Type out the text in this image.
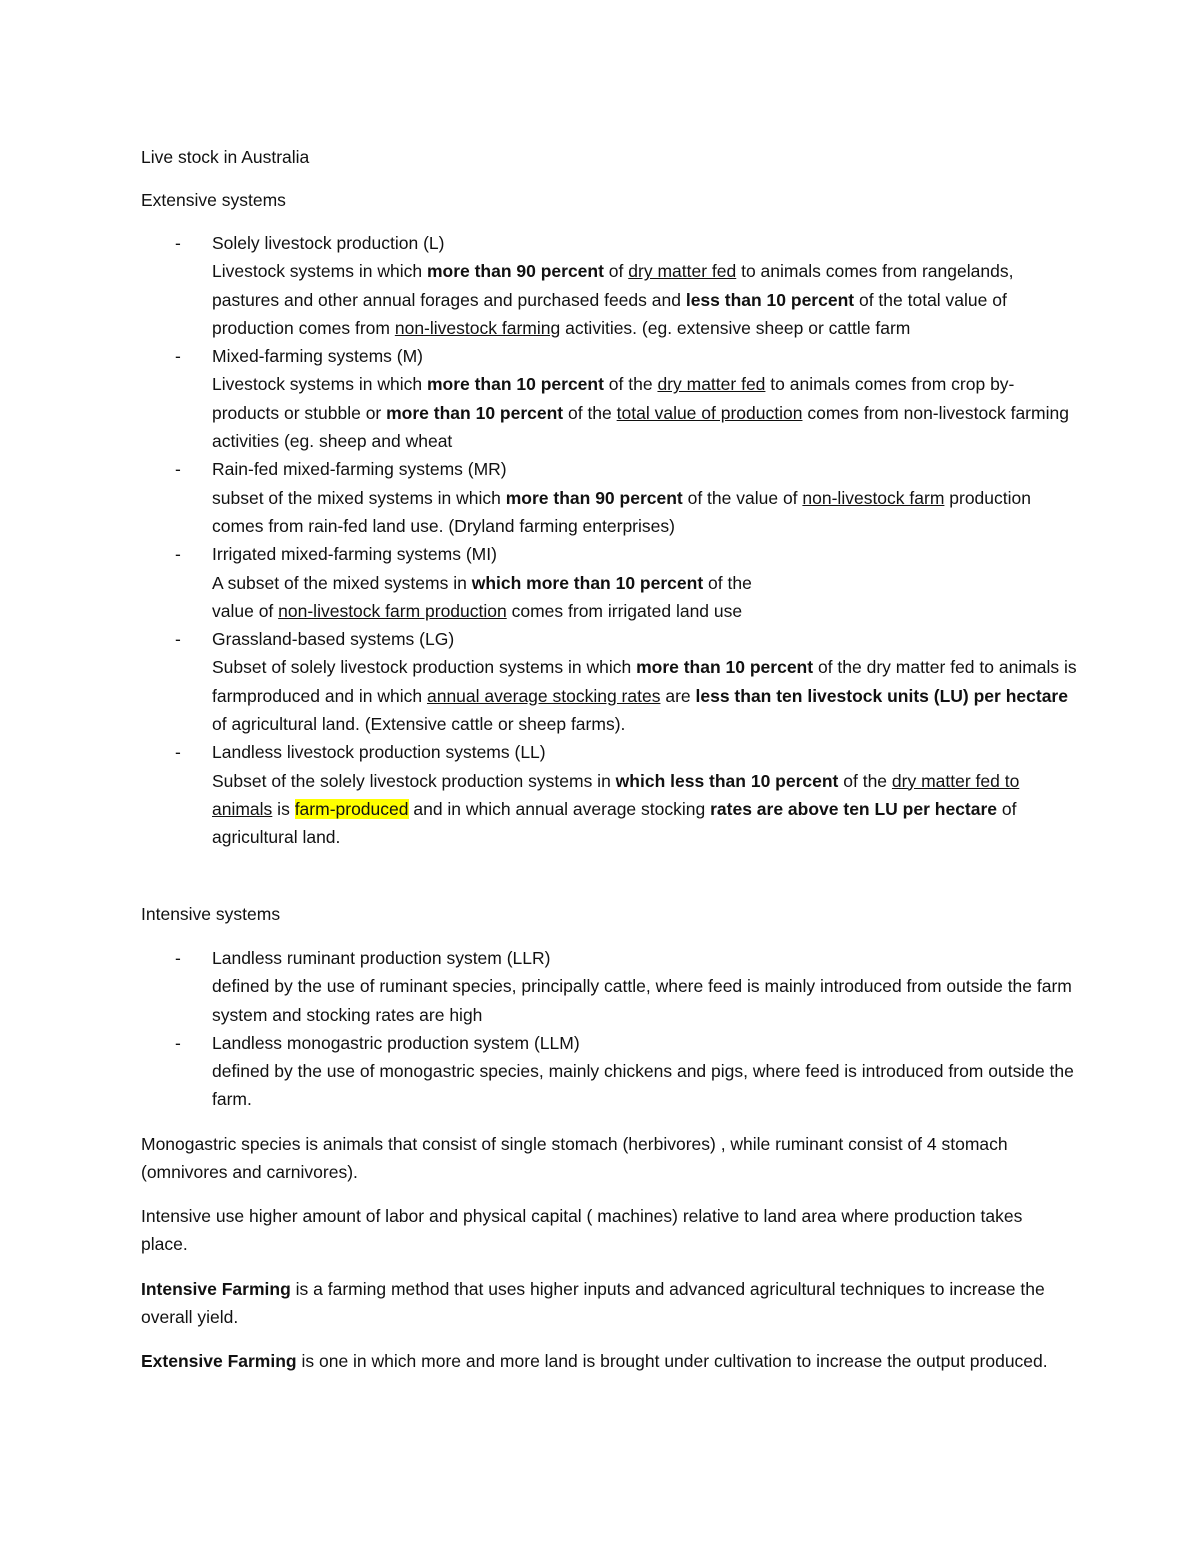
Live stock in Australia
Extensive systems
- Solely livestock production (L)
Livestock systems in which more than 90 percent of dry matter fed to animals comes from rangelands, pastures and other annual forages and purchased feeds and less than 10 percent of the total value of production comes from non-livestock farming activities. (eg. extensive sheep or cattle farm
- Mixed-farming systems (M)
Livestock systems in which more than 10 percent of the dry matter fed to animals comes from crop by-products or stubble or more than 10 percent of the total value of production comes from non-livestock farming activities (eg. sheep and wheat
- Rain-fed mixed-farming systems (MR)
subset of the mixed systems in which more than 90 percent of the value of non-livestock farm production comes from rain-fed land use. (Dryland farming enterprises)
- Irrigated mixed-farming systems (MI)
A subset of the mixed systems in which more than 10 percent of the
value of non-livestock farm production comes from irrigated land use
- Grassland-based systems (LG)
Subset of solely livestock production systems in which more than 10 percent of the dry matter fed to animals is farmproduced and in which annual average stocking rates are less than ten livestock units (LU) per hectare of agricultural land. (Extensive cattle or sheep farms).
- Landless livestock production systems (LL)
Subset of the solely livestock production systems in which less than 10 percent of the dry matter fed to animals is farm-produced and in which annual average stocking rates are above ten LU per hectare of agricultural land.
Intensive systems
- Landless ruminant production system (LLR)
defined by the use of ruminant species, principally cattle, where feed is mainly introduced from outside the farm system and stocking rates are high
- Landless monogastric production system (LLM)
defined by the use of monogastric species, mainly chickens and pigs, where feed is introduced from outside the farm.

Monogastric species is animals that consist of single stomach (herbivores) , while ruminant consist of 4 stomach (omnivores and carnivores).

Intensive use higher amount of labor and physical capital ( machines) relative to land area where production takes place.

Intensive Farming is a farming method that uses higher inputs and advanced agricultural techniques to increase the overall yield.

Extensive Farming is one in which more and more land is brought under cultivation to increase the output produced.
